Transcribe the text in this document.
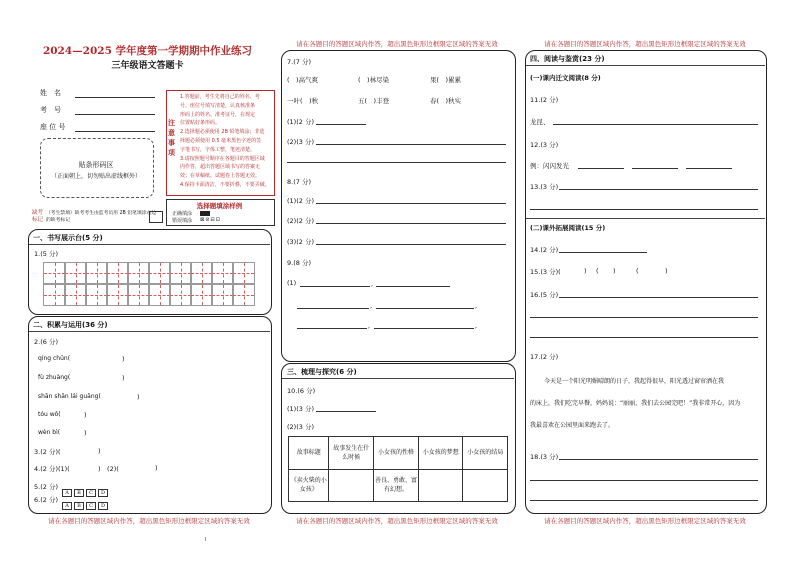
2024—2025 学年度第一学期期中作业练习
三年级语文答题卡
姓　名
考　号
座 位 号
贴条形码区
（正面朝上，切勿贴出虚线框外）
注意事项
1.答题前，考生先将自己的姓名、考
号、座位号填写清楚，认真核准条
形码上的姓名、准考证号，在规定
位置贴好条形码。
2.选择题必须使用 2B 铅笔填涂；非选
择题必须使用 0.5 毫米黑色字迹的签
字笔书写，字体工整、笔迹清楚。
3.请按照题号顺序在各题目的答题区域
内作答，超出答题区域书写的答案无
效；在草稿纸、试题卷上答题无效。
4.保持卡面清洁，不要折叠，不要弄破。
缺考标记
（考生禁填）缺考考生由监考员用 2B 铅笔填涂右边的缺考标记
选择题填涂样例
正确填涂
错误填涂 ⊠⊘⊟⊡
一、书写展示台(5 分)
1.(5 分)
二、积累与运用(36 分)
2.(6 分)
qíng chūn(	)
fù zhuàng(	)
shān shān lái guāng(	)
tóu wō(	)
wèn bì(	)
3.(2 分)(	)
4.(2 分)(1)(	)　(2)(	)
5.(2 分)
A B C D
6.(2 分)
A B C D
请在各题目的答题区域内作答，超出黑色矩形边框限定区域的答案无效
请在各题目的答题区域内作答，超出黑色矩形边框限定区域的答案无效
7.(7 分)
(　)高气爽	(　)林尽染	果(　)累累
一叶(　)秋	五(　)丰登	春(　)秋实
(1)(2 分)
(2)(3 分)
8.(7 分)
(1)(2 分)
(2)(2 分)
(3)(2 分)
9.(8 分)
(1)	,
,	,
,	,
三、梳理与探究(6 分)
10.(6 分)
(1)(3 分)
(2)(3 分)
故事标题	故事发生在什么时候	小女孩的性格	小女孩的梦想	小女孩的结局
《卖火柴的小女孩》		善良、勇敢、富有幻想。		
请在各题目的答题区域内作答，超出黑色矩形边框限定区域的答案无效
请在各题目的答题区域内作答，超出黑色矩形边框限定区域的答案无效
四、阅读与鉴赏(23 分)
(一)课内迁文阅读(8 分)
11.(2 分)
龙昆、
12.(3 分)
例：闪闪发光
13.(3 分)
(二)课外拓展阅读(15 分)
14.(2 分)
15.(3 分)(	) ( )	(	)
16.(5 分)
17.(2 分)
今天是一个阳光明媚晴朗的日子，我起得很早，阳光透过窗帘洒在我
的床上，我们吃完早餐，妈妈说：“丽丽，我们去公园完吧！”我非常开心，因为
我最喜欢在公园里面来跑去了。
18.(3 分)
请在各题目的答题区域内作答，超出黑色矩形边框限定区域的答案无效
